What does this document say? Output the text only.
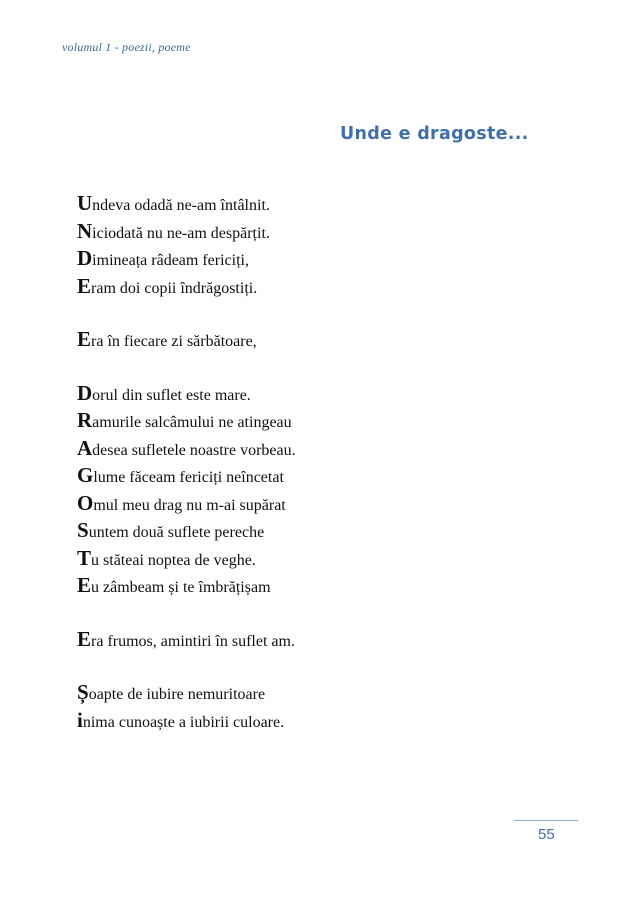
volumul 1 - poezii, poeme
Unde e dragoste...
Undeva odadă ne-am întâlnit.
Niciodată nu ne-am despărțit.
Dimineața râdeam fericiți,
Eram doi copii îndrăgostiți.
Era în fiecare zi sărbătoare,
Dorul din suflet este mare.
Ramurile salcâmului ne atingeau
Adesea sufletele noastre vorbeau.
Glume făceam fericiți neîncetat
Omul meu drag nu m-ai supărat
Suntem două suflete pereche
Tu stăteai noptea de veghe.
Eu zâmbeam și te îmbrățișam
Era frumos, amintiri în suflet am.
Șoapte de iubire nemuritoare
inima cunoaște a iubirii culoare.
55
